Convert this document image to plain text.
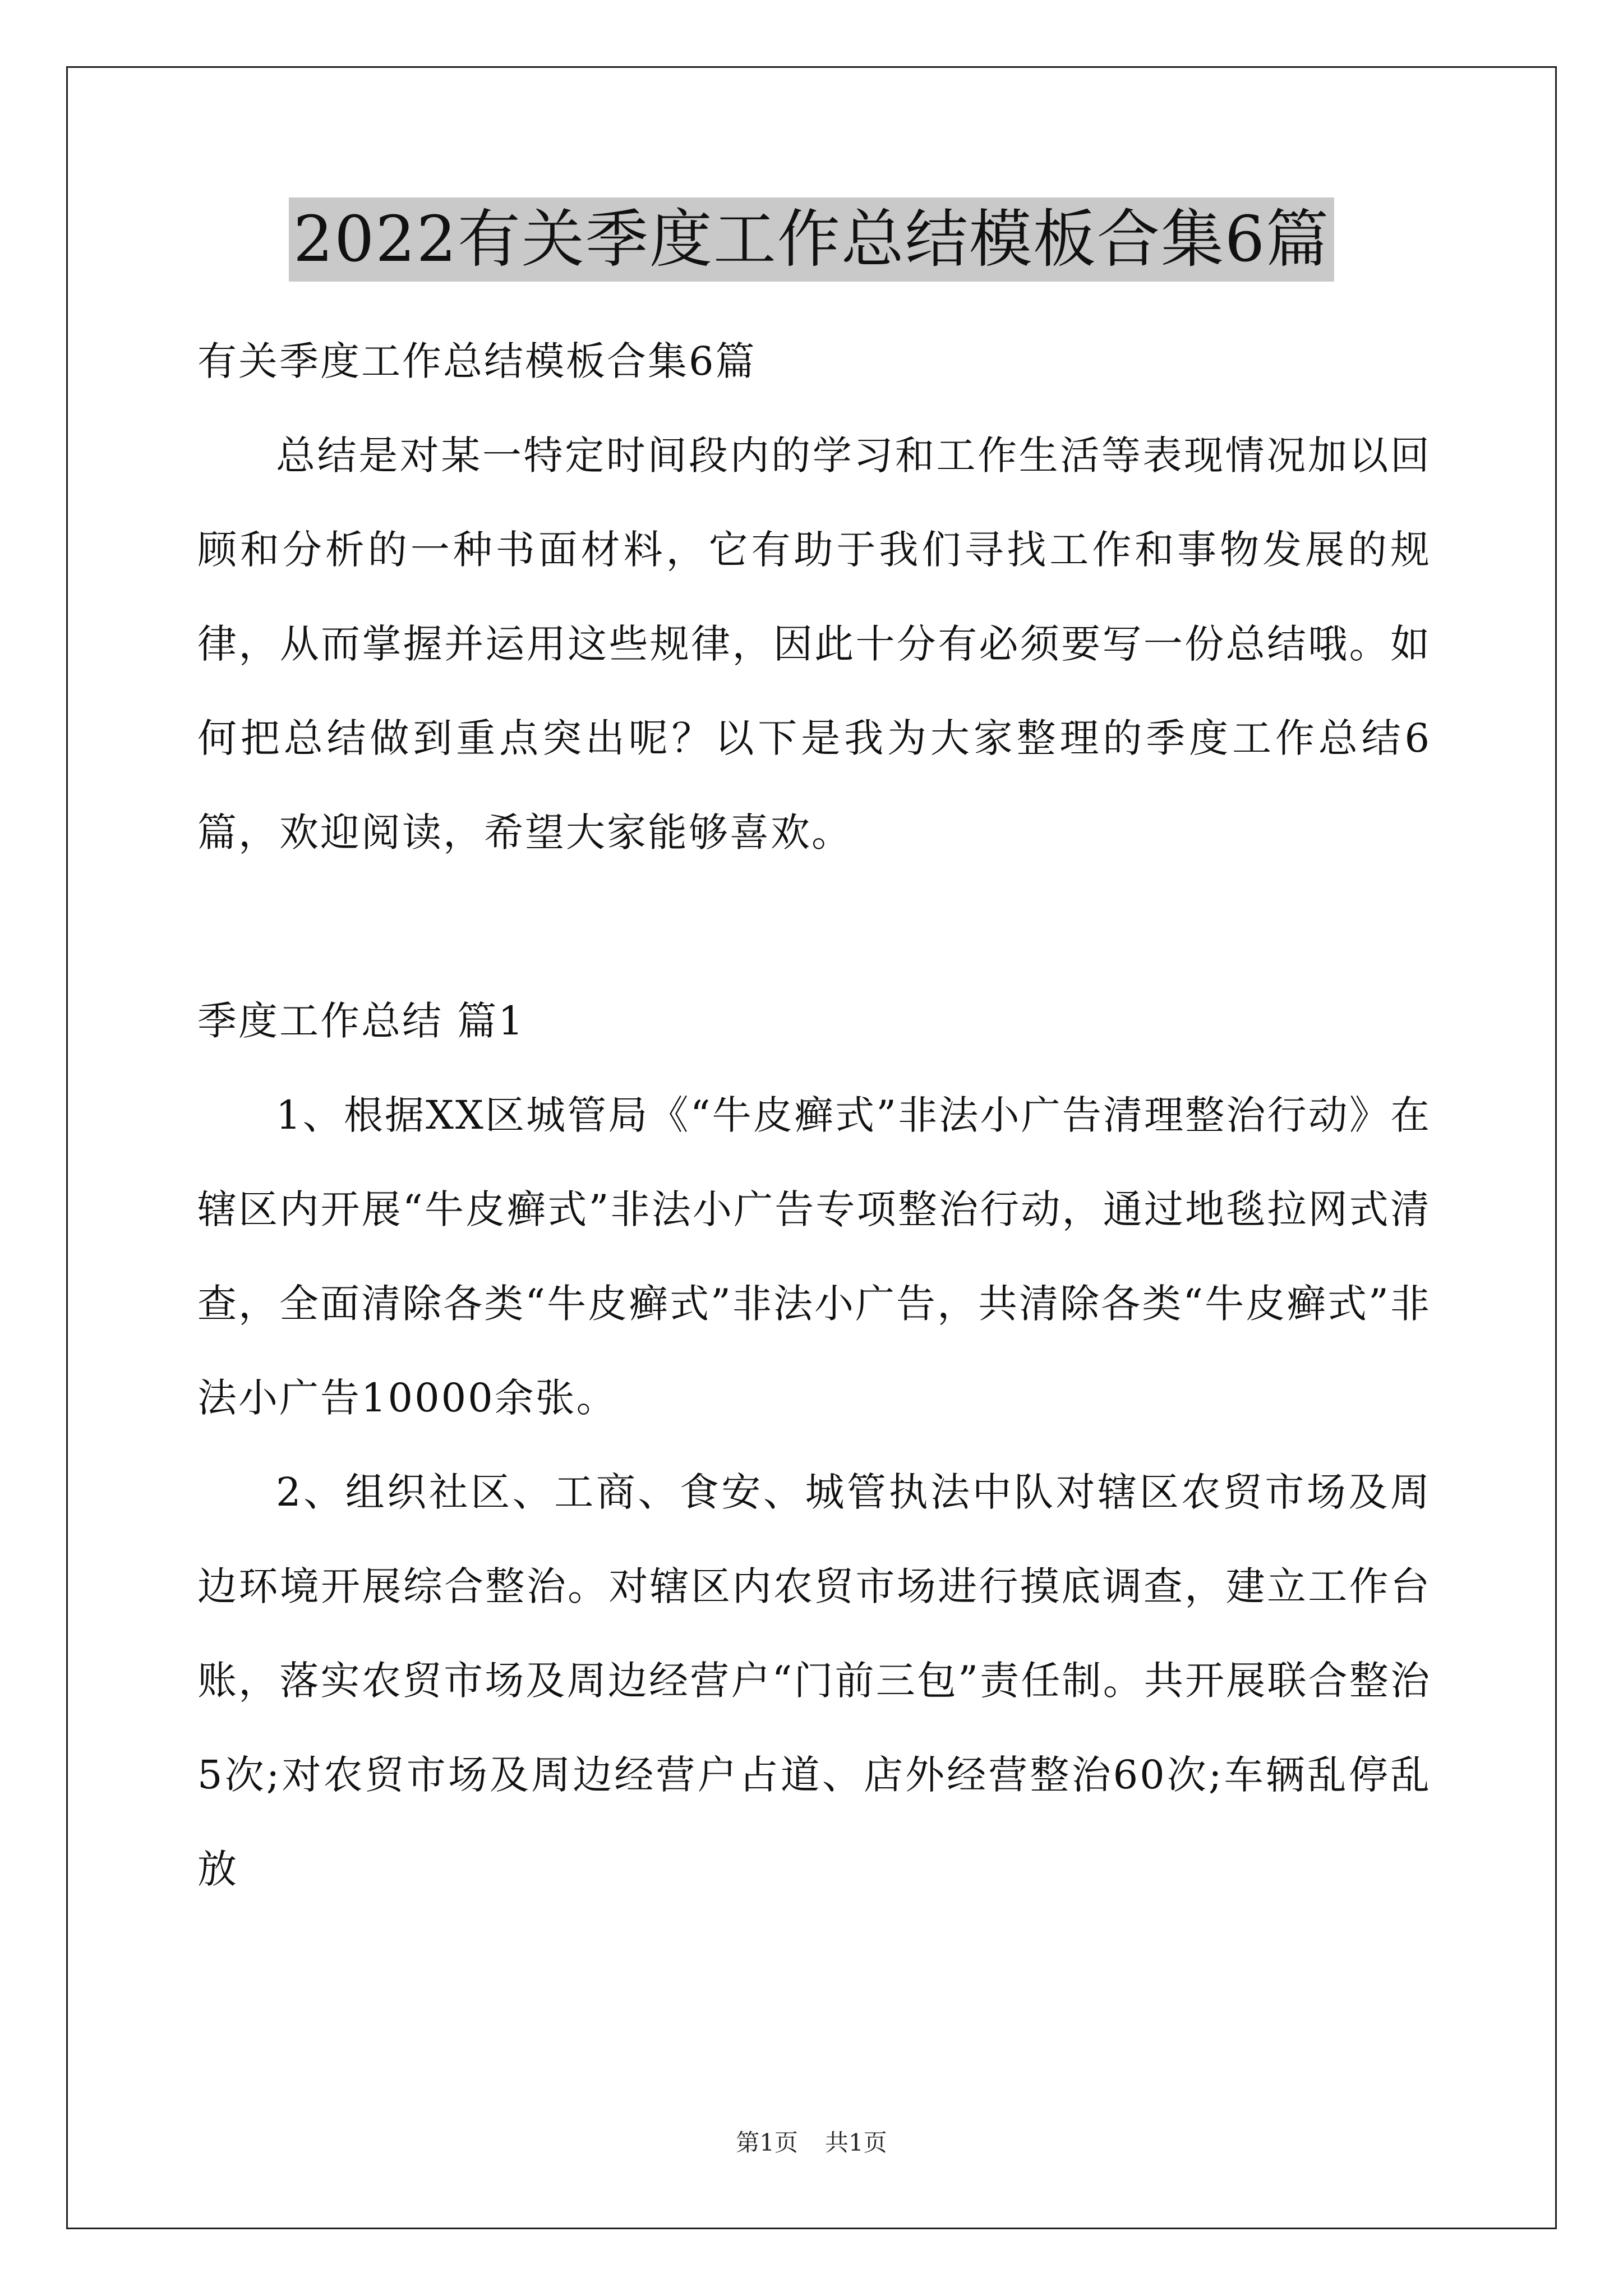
2022有关季度工作总结模板合集6篇

有关季度工作总结模板合集6篇

总结是对某一特定时间段内的学习和工作生活等表现情况加以回顾和分析的一种书面材料，它有助于我们寻找工作和事物发展的规律，从而掌握并运用这些规律，因此十分有必须要写一份总结哦。如何把总结做到重点突出呢？以下是我为大家整理的季度工作总结6篇，欢迎阅读，希望大家能够喜欢。

季度工作总结 篇1

1、根据XX区城管局《“牛皮癣式”非法小广告清理整治行动》在辖区内开展“牛皮癣式”非法小广告专项整治行动，通过地毯拉网式清查，全面清除各类“牛皮癣式”非法小广告，共清除各类“牛皮癣式”非法小广告10000余张。

2、组织社区、工商、食安、城管执法中队对辖区农贸市场及周边环境开展综合整治。对辖区内农贸市场进行摸底调查，建立工作台账，落实农贸市场及周边经营户“门前三包”责任制。共开展联合整治5次;对农贸市场及周边经营户占道、店外经营整治60次;车辆乱停乱放

第1页 共1页
